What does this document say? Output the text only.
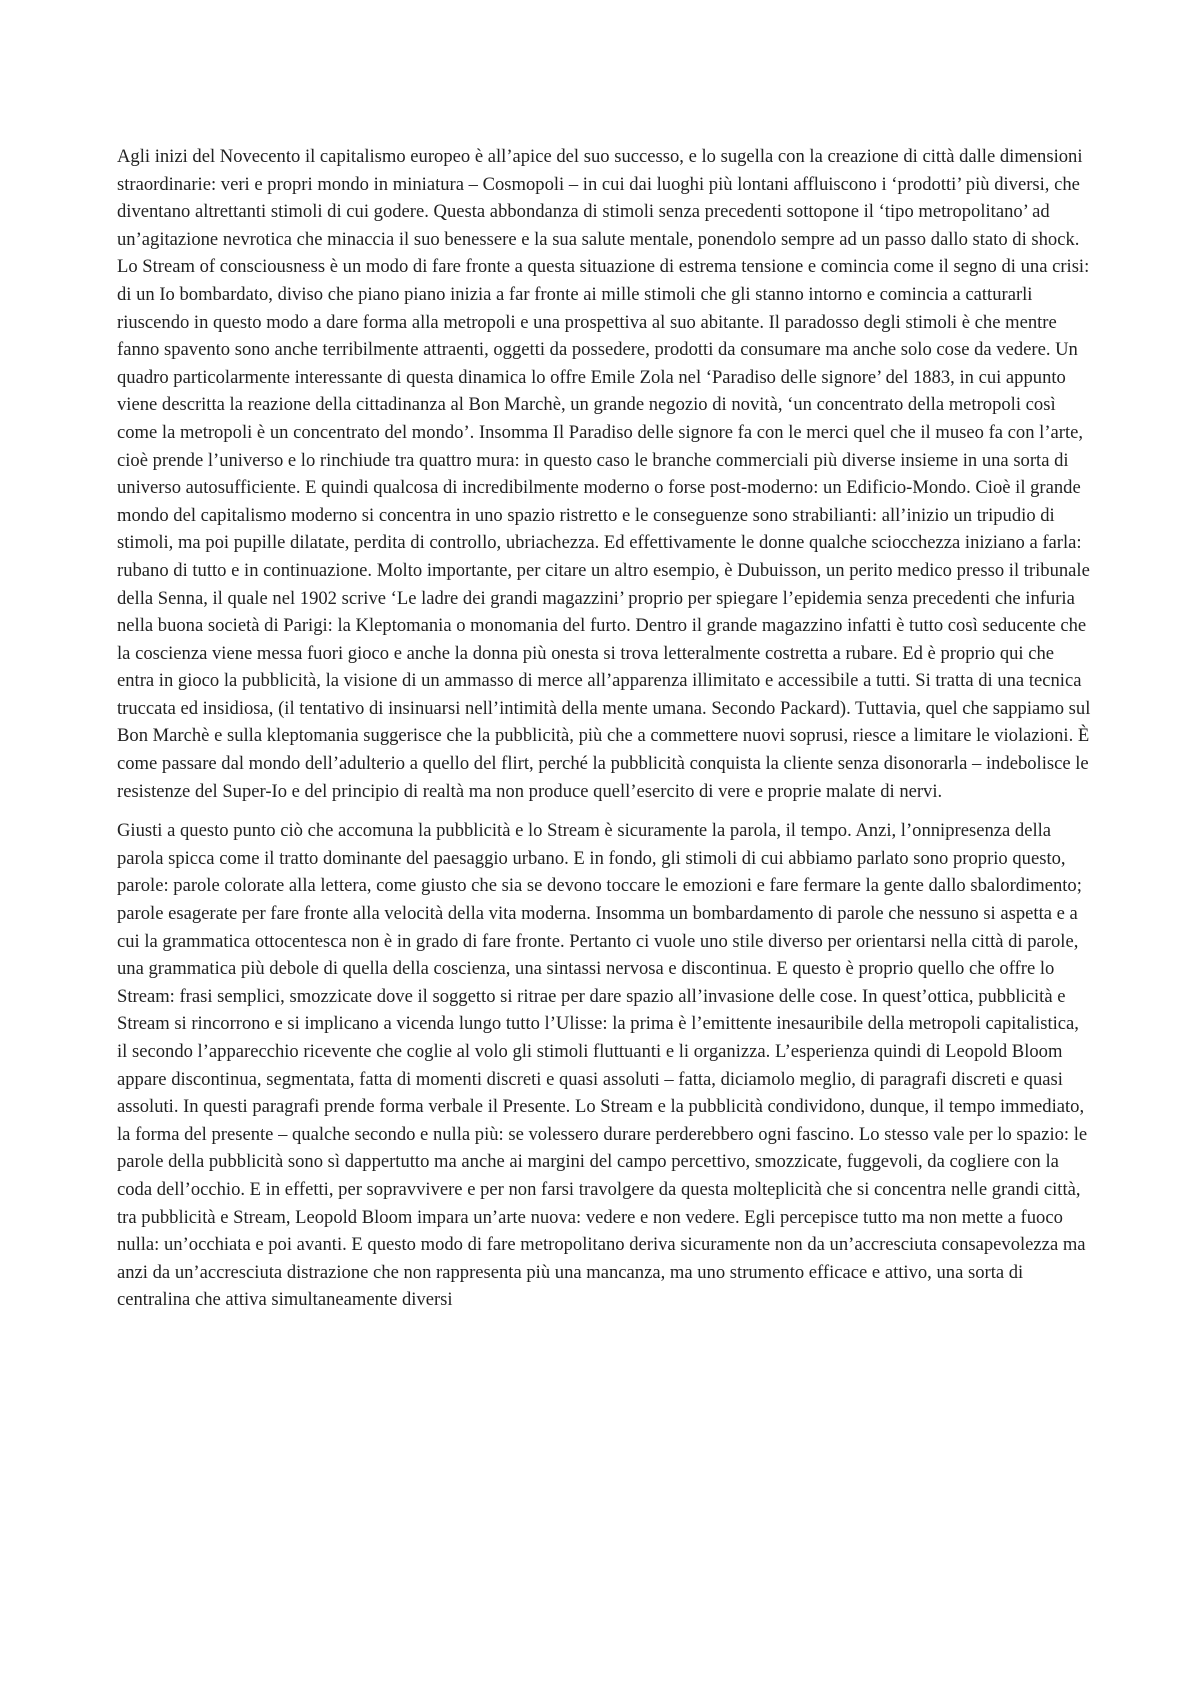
Agli inizi del Novecento il capitalismo europeo è all’apice del suo successo, e lo sugella con la creazione di città dalle dimensioni straordinarie: veri e propri mondo in miniatura – Cosmopoli – in cui dai luoghi più lontani affluiscono i ‘prodotti’ più diversi, che diventano altrettanti stimoli di cui godere. Questa abbondanza di stimoli senza precedenti sottopone il ‘tipo metropolitano’ ad un’agitazione nevrotica che minaccia il suo benessere e la sua salute mentale, ponendolo sempre ad un passo dallo stato di shock. Lo Stream of consciousness è un modo di fare fronte a questa situazione di estrema tensione e comincia come il segno di una crisi: di un Io bombardato, diviso che piano piano inizia a far fronte ai mille stimoli che gli stanno intorno e comincia a catturarli riuscendo in questo modo a dare forma alla metropoli e una prospettiva al suo abitante. Il paradosso degli stimoli è che mentre fanno spavento sono anche terribilmente attraenti, oggetti da possedere, prodotti da consumare ma anche solo cose da vedere. Un quadro particolarmente interessante di questa dinamica lo offre Emile Zola nel ‘Paradiso delle signore’ del 1883, in cui appunto viene descritta la reazione della cittadinanza al Bon Marchè, un grande negozio di novità, ‘un concentrato della metropoli così come la metropoli è un concentrato del mondo’. Insomma Il Paradiso delle signore fa con le merci quel che il museo fa con l’arte, cioè prende l’universo e lo rinchiude tra quattro mura: in questo caso le branche commerciali più diverse insieme in una sorta di universo autosufficiente. E quindi qualcosa di incredibilmente moderno o forse post-moderno: un Edificio-Mondo. Cioè il grande mondo del capitalismo moderno si concentra in uno spazio ristretto e le conseguenze sono strabilianti: all’inizio un tripudio di stimoli, ma poi pupille dilatate, perdita di controllo, ubriachezza. Ed effettivamente le donne qualche sciocchezza iniziano a farla: rubano di tutto e in continuazione. Molto importante, per citare un altro esempio, è Dubuisson, un perito medico presso il tribunale della Senna, il quale nel 1902 scrive ‘Le ladre dei grandi magazzini’ proprio per spiegare l’epidemia senza precedenti che infuria nella buona società di Parigi: la Kleptomania o monomania del furto. Dentro il grande magazzino infatti è tutto così seducente che la coscienza viene messa fuori gioco e anche la donna più onesta si trova letteralmente costretta a rubare. Ed è proprio qui che entra in gioco la pubblicità, la visione di un ammasso di merce all’apparenza illimitato e accessibile a tutti. Si tratta di una tecnica truccata ed insidiosa, (il tentativo di insinuarsi nell’intimità della mente umana. Secondo Packard). Tuttavia, quel che sappiamo sul Bon Marchè e sulla kleptomania suggerisce che la pubblicità, più che a commettere nuovi soprusi, riesce a limitare le violazioni. È come passare dal mondo dell’adulterio a quello del flirt, perché la pubblicità conquista la cliente senza disonorarla – indebolisce le resistenze del Super-Io e del principio di realtà ma non produce quell’esercito di vere e proprie malate di nervi.

Giusti a questo punto ciò che accomuna la pubblicità e lo Stream è sicuramente la parola, il tempo. Anzi, l’onnipresenza della parola spicca come il tratto dominante del paesaggio urbano. E in fondo, gli stimoli di cui abbiamo parlato sono proprio questo, parole: parole colorate alla lettera, come giusto che sia se devono toccare le emozioni e fare fermare la gente dallo sbalordimento; parole esagerate per fare fronte alla velocità della vita moderna. Insomma un bombardamento di parole che nessuno si aspetta e a cui la grammatica ottocentesca non è in grado di fare fronte. Pertanto ci vuole uno stile diverso per orientarsi nella città di parole, una grammatica più debole di quella della coscienza, una sintassi nervosa e discontinua. E questo è proprio quello che offre lo Stream: frasi semplici, smozzicate dove il soggetto si ritrae per dare spazio all’invasione delle cose. In quest’ottica, pubblicità e Stream si rincorrono e si implicano a vicenda lungo tutto l’Ulisse: la prima è l’emittente inesauribile della metropoli capitalistica, il secondo l’apparecchio ricevente che coglie al volo gli stimoli fluttuanti e li organizza. L’esperienza quindi di Leopold Bloom appare discontinua, segmentata, fatta di momenti discreti e quasi assoluti – fatta, diciamolo meglio, di paragrafi discreti e quasi assoluti. In questi paragrafi prende forma verbale il Presente. Lo Stream e la pubblicità condividono, dunque, il tempo immediato, la forma del presente – qualche secondo e nulla più: se volessero durare perderebbero ogni fascino. Lo stesso vale per lo spazio: le parole della pubblicità sono sì dappertutto ma anche ai margini del campo percettivo, smozzicate, fuggevoli, da cogliere con la coda dell’occhio. E in effetti, per sopravvivere e per non farsi travolgere da questa molteplicità che si concentra nelle grandi città, tra pubblicità e Stream, Leopold Bloom impara un’arte nuova: vedere e non vedere. Egli percepisce tutto ma non mette a fuoco nulla: un’occhiata e poi avanti. E questo modo di fare metropolitano deriva sicuramente non da un’accresciuta consapevolezza ma anzi da un’accresciuta distrazione che non rappresenta più una mancanza, ma uno strumento efficace e attivo, una sorta di centralina che attiva simultaneamente diversi
